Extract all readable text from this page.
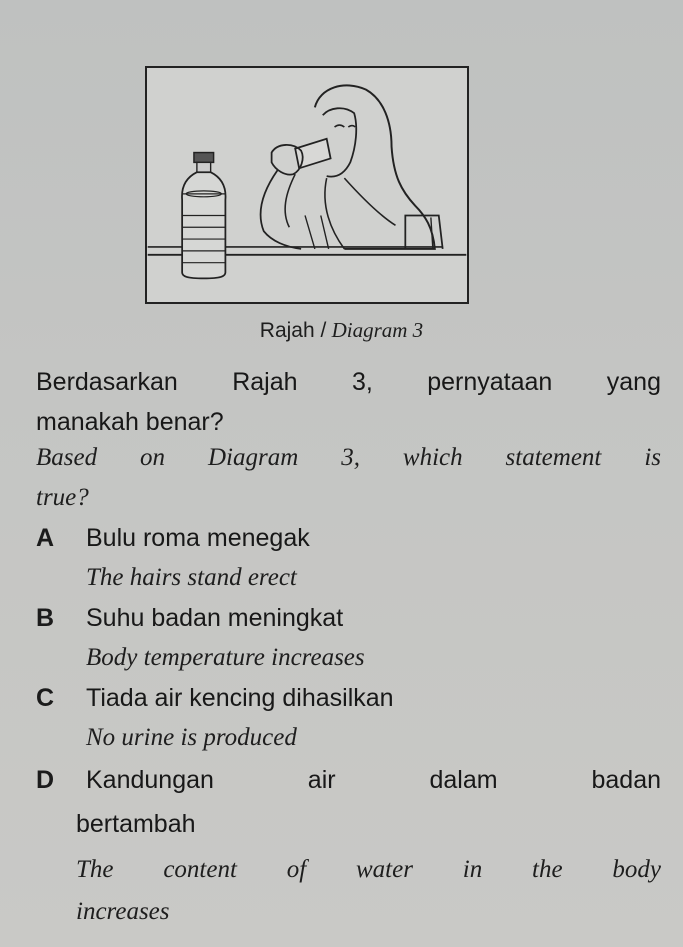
Rajah / Diagram 3
Berdasarkan Rajah 3, pernyataan yang
manakah benar?
Based on Diagram 3, which statement is
true?
A Bulu roma menegak
The hairs stand erect
B Suhu badan meningkat
Body temperature increases
C Tiada air kencing dihasilkan
No urine is produced
D Kandungan air dalam badan
bertambah
The content of water in the body
increases
